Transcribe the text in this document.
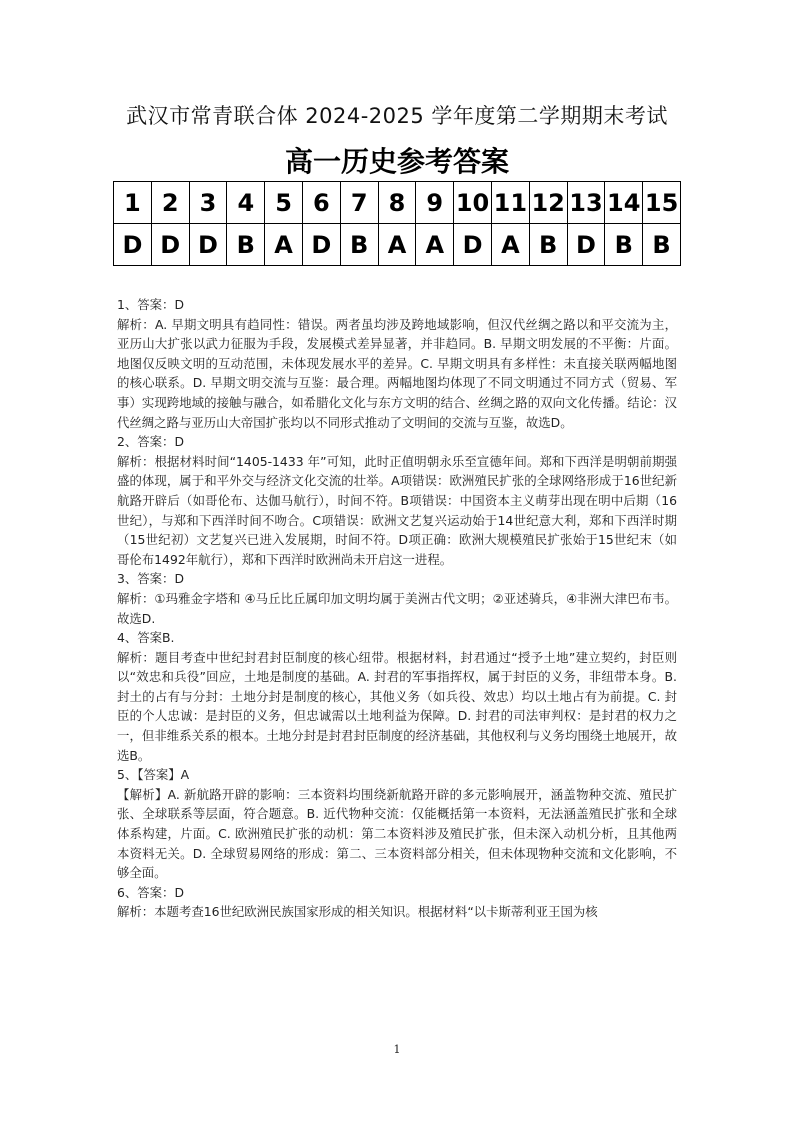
武汉市常青联合体 2024-2025 学年度第二学期期末考试
高一历史参考答案
1	2	3	4	5	6	7	8	9	10	11	12	13	14	15
D	D	D	B	A	D	B	A	A	D	A	B	D	B	B

1、答案：D

解析：A. 早期文明具有趋同性：错误。两者虽均涉及跨地域影响，但汉代丝绸之路以和平交流为主，亚历山大扩张以武力征服为手段，发展模式差异显著，并非趋同。B. 早期文明发展的不平衡：片面。地图仅反映文明的互动范围，未体现发展水平的差异。C. 早期文明具有多样性：未直接关联两幅地图的核心联系。D. 早期文明交流与互鉴：最合理。两幅地图均体现了不同文明通过不同方式（贸易、军事）实现跨地域的接触与融合，如希腊化文化与东方文明的结合、丝绸之路的双向文化传播。结论：汉代丝绸之路与亚历山大帝国扩张均以不同形式推动了文明间的交流与互鉴，故选D。

2、答案：D

解析：根据材料时间“1405-1433 年”可知，此时正值明朝永乐至宣德年间。郑和下西洋是明朝前期强盛的体现，属于和平外交与经济文化交流的壮举。A项错误：欧洲殖民扩张的全球网络形成于16世纪新航路开辟后（如哥伦布、达伽马航行），时间不符。B项错误：中国资本主义萌芽出现在明中后期（16世纪），与郑和下西洋时间不吻合。C项错误：欧洲文艺复兴运动始于14世纪意大利，郑和下西洋时期（15世纪初）文艺复兴已进入发展期，时间不符。D项正确：欧洲大规模殖民扩张始于15世纪末（如哥伦布1492年航行），郑和下西洋时欧洲尚未开启这一进程。

3、答案：D

解析：①玛雅金字塔和 ④马丘比丘属印加文明均属于美洲古代文明；②亚述骑兵，④非洲大津巴布韦。故选D.

4、答案B.

解析：题目考查中世纪封君封臣制度的核心纽带。根据材料，封君通过“授予土地”建立契约，封臣则以“效忠和兵役”回应，土地是制度的基础。A. 封君的军事指挥权，属于封臣的义务，非纽带本身。B.封土的占有与分封：土地分封是制度的核心，其他义务（如兵役、效忠）均以土地占有为前提。C. 封臣的个人忠诚：是封臣的义务，但忠诚需以土地利益为保障。D. 封君的司法审判权：是封君的权力之一，但非维系关系的根本。土地分封是封君封臣制度的经济基础，其他权利与义务均围绕土地展开，故选B。

5、【答案】A

【解析】A. 新航路开辟的影响：三本资料均围绕新航路开辟的多元影响展开，涵盖物种交流、殖民扩张、全球联系等层面，符合题意。B. 近代物种交流：仅能概括第一本资料，无法涵盖殖民扩张和全球体系构建，片面。C. 欧洲殖民扩张的动机：第二本资料涉及殖民扩张，但未深入动机分析，且其他两本资料无关。D. 全球贸易网络的形成：第二、三本资料部分相关，但未体现物种交流和文化影响，不够全面。

6、答案：D

解析：本题考查16世纪欧洲民族国家形成的相关知识。根据材料“以卡斯蒂利亚王国为核

1
